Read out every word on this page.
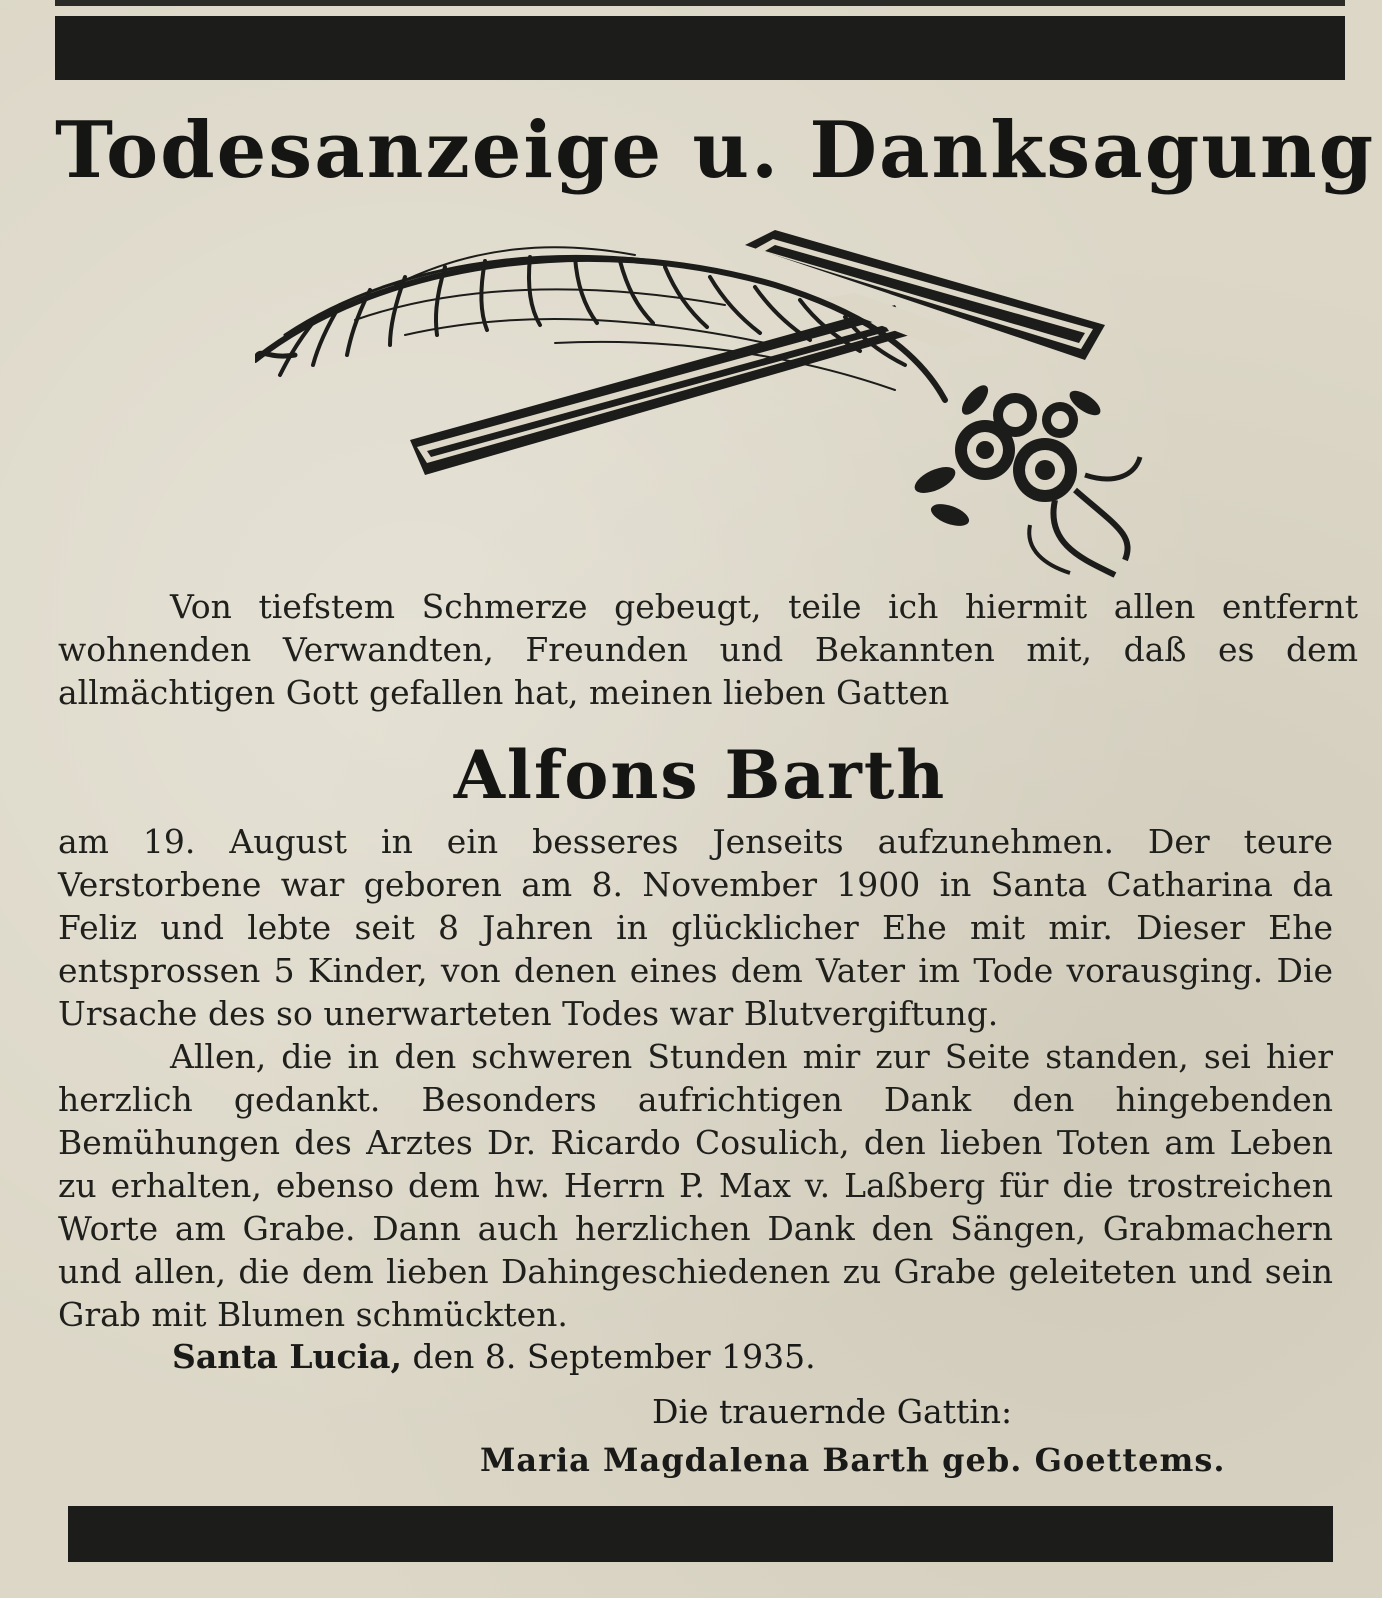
Todesanzeige u. Danksagung

Von tiefstem Schmerze gebeugt, teile ich hiermit allen entfernt wohnenden Verwandten, Freunden und Bekannten mit, daß es dem allmächtigen Gott gefallen hat, meinen lieben Gatten

Alfons Barth

am 19. August in ein besseres Jenseits aufzunehmen. Der teure Verstorbene war geboren am 8. November 1900 in Santa Catharina da Feliz und lebte seit 8 Jahren in glücklicher Ehe mit mir. Dieser Ehe entsprossen 5 Kinder, von denen eines dem Vater im Tode vorausging. Die Ursache des so unerwarteten Todes war Blutvergiftung.

Allen, die in den schweren Stunden mir zur Seite standen, sei hier herzlich gedankt. Besonders aufrichtigen Dank den hingebenden Bemühungen des Arztes Dr. Ricardo Cosulich, den lieben Toten am Leben zu erhalten, ebenso dem hw. Herrn P. Max v. Laßberg für die trostreichen Worte am Grabe. Dann auch herzlichen Dank den Sängen, Grabmachern und allen, die dem lieben Dahingeschiedenen zu Grabe geleiteten und sein Grab mit Blumen schmückten.

Santa Lucia, den 8. September 1935.
Die trauernde Gattin:
Maria Magdalena Barth geb. Goettems.
